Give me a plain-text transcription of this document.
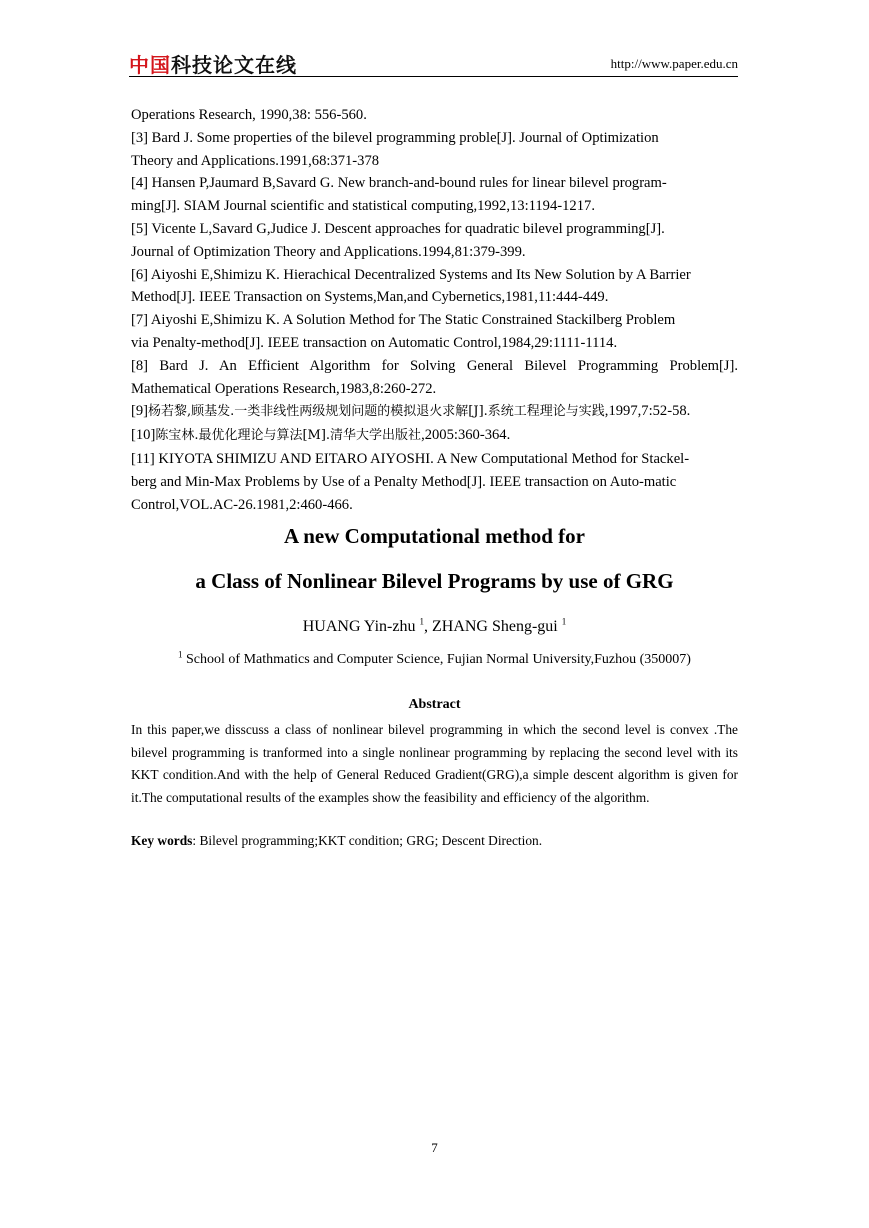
中国科技论文在线	http://www.paper.edu.cn

Operations Research, 1990,38: 556-560.

[3] Bard J. Some properties of the bilevel programming proble[J]. Journal of Optimization

Theory and Applications.1991,68:371-378

[4] Hansen P,Jaumard B,Savard G. New branch-and-bound rules for linear bilevel program-

ming[J]. SIAM Journal scientific and statistical computing,1992,13:1194-1217.

[5] Vicente L,Savard G,Judice J. Descent approaches for quadratic bilevel programming[J].

Journal of Optimization Theory and Applications.1994,81:379-399.

[6] Aiyoshi E,Shimizu K. Hierachical Decentralized Systems and Its New Solution by A Barrier

Method[J]. IEEE Transaction on Systems,Man,and Cybernetics,1981,11:444-449.

[7] Aiyoshi E,Shimizu K. A Solution Method for The Static Constrained Stackilberg Problem

via Penalty-method[J]. IEEE transaction on Automatic Control,1984,29:1111-1114.

[8] Bard J. An Efficient Algorithm for Solving General Bilevel Programming Problem[J].

Mathematical Operations Research,1983,8:260-272.

[9]杨若黎,顾基发.一类非线性两级规划问题的模拟退火求解[J].系统工程理论与实践,1997,7:52-58.

[10]陈宝林.最优化理论与算法[M].清华大学出版社,2005:360-364.

[11] KIYOTA SHIMIZU AND EITARO AIYOSHI. A New Computational Method for Stackel-

berg and Min-Max Problems by Use of a Penalty Method[J]. IEEE transaction on Auto-matic

Control,VOL.AC-26.1981,2:460-466.

A new Computational method for
a Class of Nonlinear Bilevel Programs by use of GRG
HUANG Yin-zhu $^1$, ZHANG Sheng-gui $^1$
$^1$ School of Mathmatics and Computer Science, Fujian Normal University,Fuzhou (350007)
Abstract

In this paper,we disscuss a class of nonlinear bilevel programming in which the second level is convex .The bilevel programming is tranformed into a single nonlinear programming by replacing the second level with its KKT condition.And with the help of General Reduced Gradient(GRG),a simple descent algorithm is given for it.The computational results of the examples show the feasibility and efficiency of the algorithm.

Key words: Bilevel programming;KKT condition; GRG; Descent Direction.
7
